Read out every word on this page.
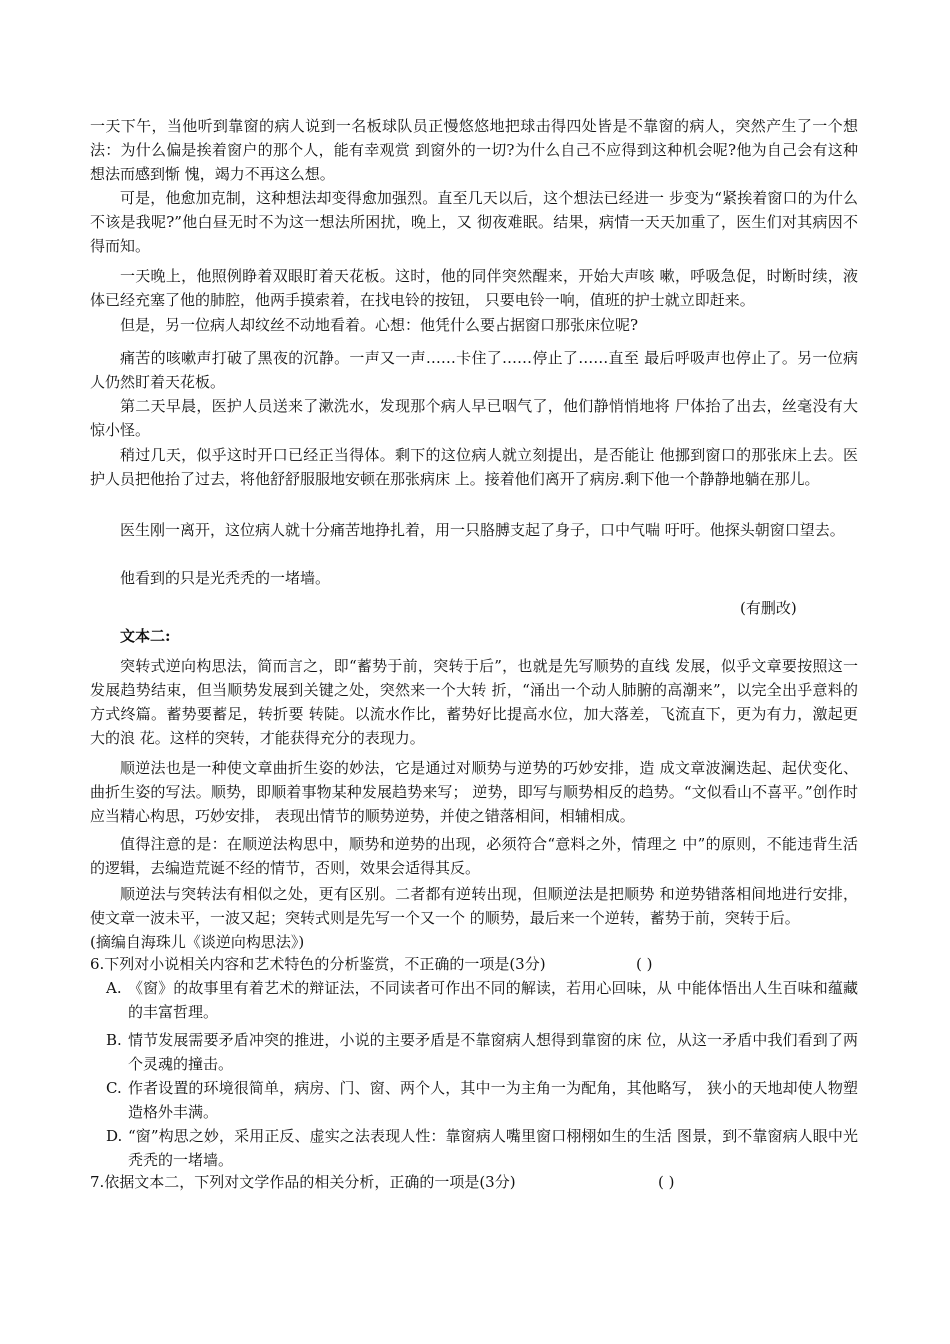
一天下午，当他听到靠窗的病人说到一名板球队员正慢悠悠地把球击得四处皆是不靠窗的病人，突然产生了一个想法：为什么偏是挨着窗户的那个人，能有幸观赏 到窗外的一切?为什么自己不应得到这种机会呢?他为自己会有这种想法而感到惭 愧，竭力不再这么想。

可是，他愈加克制，这种想法却变得愈加强烈。直至几天以后，这个想法已经进一 步变为“紧挨着窗口的为什么不该是我呢?”他白昼无时不为这一想法所困扰，晚上，又 彻夜难眠。结果，病情一天天加重了，医生们对其病因不得而知。

一天晚上，他照例睁着双眼盯着天花板。这时，他的同伴突然醒来，开始大声咳 嗽，呼吸急促，时断时续，液体已经充塞了他的肺腔，他两手摸索着，在找电铃的按钮， 只要电铃一响，值班的护士就立即赶来。

但是，另一位病人却纹丝不动地看着。心想：他凭什么要占据窗口那张床位呢?

痛苦的咳嗽声打破了黑夜的沉静。一声又一声……卡住了……停止了……直至 最后呼吸声也停止了。另一位病人仍然盯着天花板。

第二天早晨，医护人员送来了漱洗水，发现那个病人早已咽气了，他们静悄悄地将 尸体抬了出去，丝毫没有大惊小怪。

稍过几天，似乎这时开口已经正当得体。剩下的这位病人就立刻提出，是否能让 他挪到窗口的那张床上去。医护人员把他抬了过去，将他舒舒服服地安顿在那张病床 上。接着他们离开了病房.剩下他一个静静地躺在那儿。

医生刚一离开，这位病人就十分痛苦地挣扎着，用一只胳膊支起了身子，口中气喘 吁吁。他探头朝窗口望去。

他看到的只是光秃秃的一堵墙。

(有删改)

文本二:

突转式逆向构思法，简而言之，即“蓄势于前，突转于后”，也就是先写顺势的直线 发展，似乎文章要按照这一发展趋势结束，但当顺势发展到关键之处，突然来一个大转 折，“涌出一个动人肺腑的高潮来”，以完全出乎意料的方式终篇。蓄势要蓄足，转折要 转陡。以流水作比，蓄势好比提高水位，加大落差，飞流直下，更为有力，激起更大的浪 花。这样的突转，才能获得充分的表现力。

顺逆法也是一种使文章曲折生姿的妙法，它是通过对顺势与逆势的巧妙安排，造 成文章波澜迭起、起伏变化、曲折生姿的写法。顺势，即顺着事物某种发展趋势来写； 逆势，即写与顺势相反的趋势。“文似看山不喜平。”创作时应当精心构思，巧妙安排， 表现出情节的顺势逆势，并使之错落相间，相辅相成。

值得注意的是：在顺逆法构思中，顺势和逆势的出现，必须符合“意料之外，情理之 中”的原则，不能违背生活的逻辑，去编造荒诞不经的情节，否则，效果会适得其反。

顺逆法与突转法有相似之处，更有区别。二者都有逆转出现，但顺逆法是把顺势 和逆势错落相间地进行安排，使文章一波未平，一波又起；突转式则是先写一个又一个 的顺势，最后来一个逆转，蓄势于前，突转于后。

(摘编自海珠儿《谈逆向构思法》)

6.下列对小说相关内容和艺术特色的分析鉴赏，不正确的一项是(3分)	( )
A. 《窗》的故事里有着艺术的辩证法，不同读者可作出不同的解读，若用心回味，从 中能体悟出人生百味和蕴藏的丰富哲理。
B. 情节发展需要矛盾冲突的推进，小说的主要矛盾是不靠窗病人想得到靠窗的床 位，从这一矛盾中我们看到了两个灵魂的撞击。
C. 作者设置的环境很简单，病房、门、窗、两个人，其中一为主角一为配角，其他略写， 狭小的天地却使人物塑造格外丰满。
D. “窗”构思之妙，采用正反、虚实之法表现人性：靠窗病人嘴里窗口栩栩如生的生活 图景，到不靠窗病人眼中光秃秃的一堵墙。
7.依据文本二，下列对文学作品的相关分析，正确的一项是(3分)	( )
